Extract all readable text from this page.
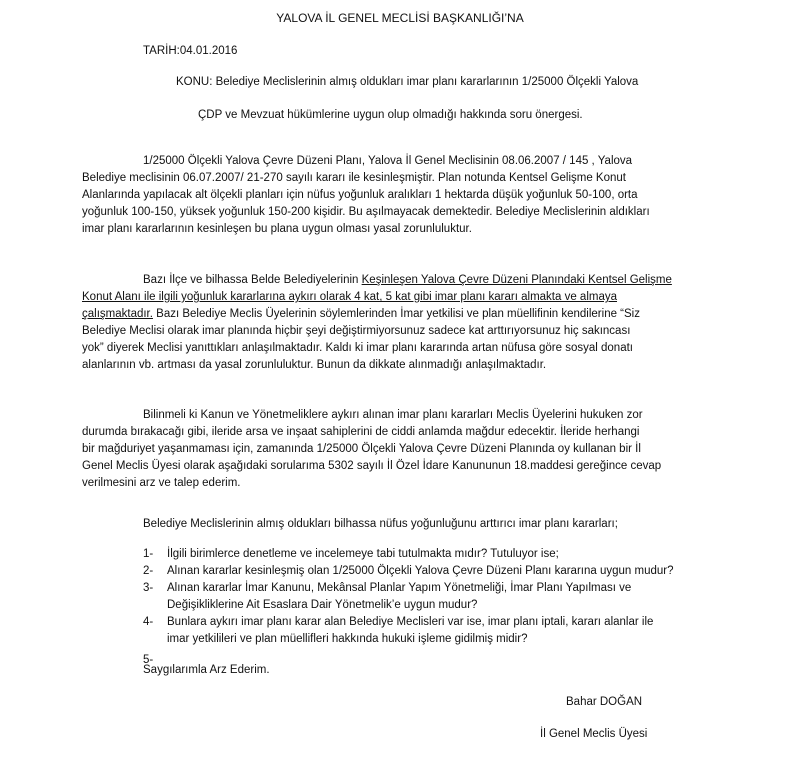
YALOVA İL GENEL MECLİSİ BAŞKANLIĞI’NA
TARİH:04.01.2016
KONU: Belediye Meclislerinin almış oldukları imar planı kararlarının 1/25000 Ölçekli Yalova
ÇDP ve Mevzuat hükümlerine uygun olup olmadığı hakkında soru önergesi.
1/25000 Ölçekli Yalova Çevre Düzeni Planı, Yalova İl Genel Meclisinin 08.06.2007 / 145 , Yalova
Belediye meclisinin 06.07.2007/ 21-270 sayılı kararı ile kesinleşmiştir. Plan notunda Kentsel Gelişme Konut
Alanlarında yapılacak alt ölçekli planları için nüfus yoğunluk aralıkları 1 hektarda düşük yoğunluk 50-100, orta
yoğunluk 100-150, yüksek yoğunluk 150-200 kişidir. Bu aşılmayacak demektedir. Belediye Meclislerinin aldıkları
imar planı kararlarının kesinleşen bu plana uygun olması yasal zorunluluktur.
Bazı İlçe ve bilhassa Belde Belediyelerinin Keşinleşen Yalova Çevre Düzeni Planındaki Kentsel Gelişme
Konut Alanı ile ilgili yoğunluk kararlarına aykırı olarak 4 kat, 5 kat gibi imar planı kararı almakta ve almaya
çalışmaktadır. Bazı Belediye Meclis Üyelerinin söylemlerinden İmar yetkilisi ve plan müellifinin kendilerine “Siz
Belediye Meclisi olarak imar planında hiçbir şeyi değiştirmiyorsunuz sadece kat arttırıyorsunuz hiç sakıncası
yok” diyerek Meclisi yanıttıkları anlaşılmaktadır. Kaldı ki imar planı kararında artan nüfusa göre sosyal donatı
alanlarının vb. artması da yasal zorunluluktur. Bunun da dikkate alınmadığı anlaşılmaktadır.
Bilinmeli ki Kanun ve Yönetmeliklere aykırı alınan imar planı kararları Meclis Üyelerini hukuken zor
durumda bırakacağı gibi, ileride arsa ve inşaat sahiplerini de ciddi anlamda mağdur edecektir. İleride herhangi
bir mağduriyet yaşanmaması için, zamanında 1/25000 Ölçekli Yalova Çevre Düzeni Planında oy kullanan bir İl
Genel Meclis Üyesi olarak aşağıdaki sorularıma 5302 sayılı İl Özel İdare Kanununun 18.maddesi gereğince cevap
verilmesini arz ve talep ederim.
Belediye Meclislerinin almış oldukları bilhassa nüfus yoğunluğunu arttırıcı imar planı kararları;
1-	İlgili birimlerce denetleme ve incelemeye tabi tutulmakta mıdır? Tutuluyor ise;
2-	Alınan kararlar kesinleşmiş olan 1/25000 Ölçekli Yalova Çevre Düzeni Planı kararına uygun mudur?
3-	Alınan kararlar İmar Kanunu, Mekânsal Planlar Yapım Yönetmeliği, İmar Planı Yapılması ve
Değişikliklerine Ait Esaslara Dair Yönetmelik’e uygun mudur?
4-	Bunlara aykırı imar planı karar alan Belediye Meclisleri var ise, imar planı iptali, kararı alanlar ile
imar yetkilileri ve plan müellifleri hakkında hukuki işleme gidilmiş midir?
5-
Saygılarımla Arz Ederim.
Bahar DOĞAN
İl Genel Meclis Üyesi
